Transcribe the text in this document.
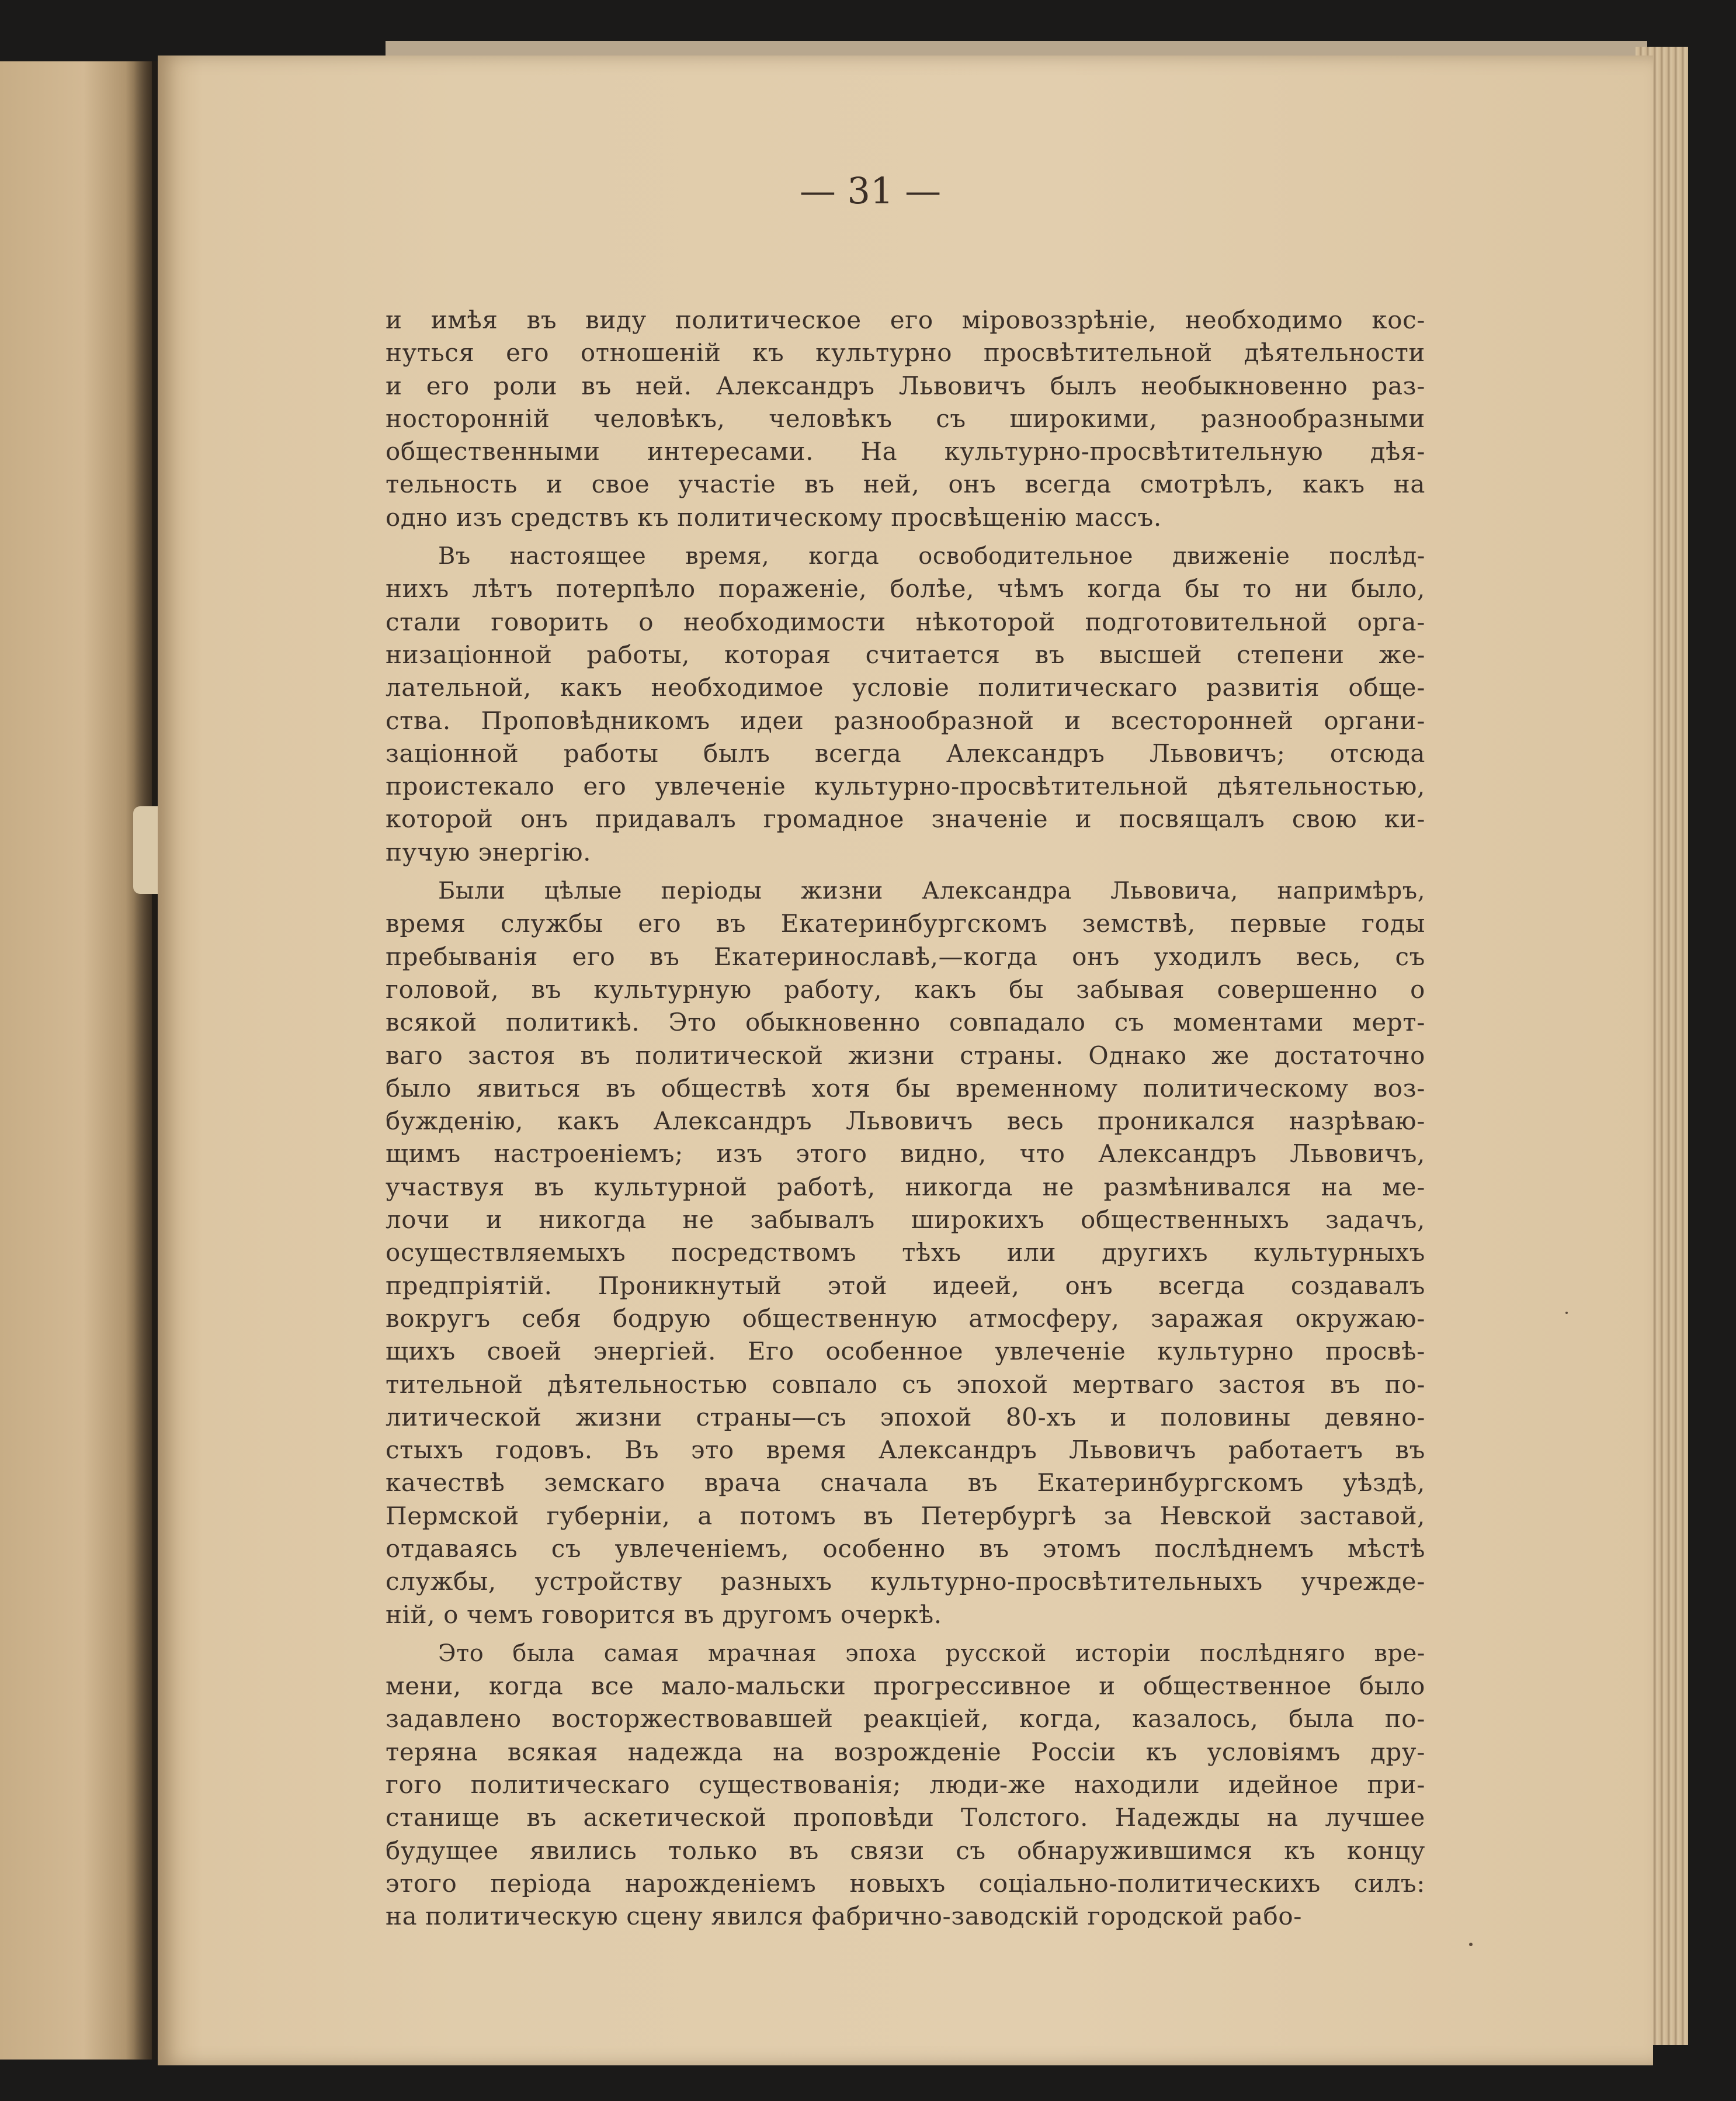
— 31 —
и имѣя въ виду политическое его міровоззрѣніе, необходимо кос-
нуться его отношеній къ культурно просвѣтительной дѣятельности
и его роли въ ней. Александръ Львовичъ былъ необыкновенно раз-
носторонній человѣкъ, человѣкъ съ широкими, разнообразными
общественными интересами. На культурно-просвѣтительную дѣя-
тельность и свое участіе въ ней, онъ всегда смотрѣлъ, какъ на
одно изъ средствъ къ политическому просвѣщенію массъ.
Въ настоящее время, когда освободительное движеніе послѣд-
нихъ лѣтъ потерпѣло пораженіе, болѣе, чѣмъ когда бы то ни было,
стали говорить о необходимости нѣкоторой подготовительной орга-
низаціонной работы, которая считается въ высшей степени же-
лательной, какъ необходимое условіе политическаго развитія обще-
ства. Проповѣдникомъ идеи разнообразной и всесторонней органи-
заціонной работы былъ всегда Александръ Львовичъ; отсюда
проистекало его увлеченіе культурно-просвѣтительной дѣятельностью,
которой онъ придавалъ громадное значеніе и посвящалъ свою ки-
пучую энергію.
Были цѣлые періоды жизни Александра Львовича, напримѣръ,
время службы его въ Екатеринбургскомъ земствѣ, первые годы
пребыванія его въ Екатеринославѣ,—когда онъ уходилъ весь, съ
головой, въ культурную работу, какъ бы забывая совершенно о
всякой политикѣ. Это обыкновенно совпадало съ моментами мерт-
ваго застоя въ политической жизни страны. Однако же достаточно
было явиться въ обществѣ хотя бы временному политическому воз-
бужденію, какъ Александръ Львовичъ весь проникался назрѣваю-
щимъ настроеніемъ; изъ этого видно, что Александръ Львовичъ,
участвуя въ культурной работѣ, никогда не размѣнивался на ме-
лочи и никогда не забывалъ широкихъ общественныхъ задачъ,
осуществляемыхъ посредствомъ тѣхъ или другихъ культурныхъ
предпріятій. Проникнутый этой идеей, онъ всегда создавалъ
вокругъ себя бодрую общественную атмосферу, заражая окружаю-
щихъ своей энергіей. Его особенное увлеченіе культурно просвѣ-
тительной дѣятельностью совпало съ эпохой мертваго застоя въ по-
литической жизни страны—съ эпохой 80-хъ и половины девяно-
стыхъ годовъ. Въ это время Александръ Львовичъ работаетъ въ
качествѣ земскаго врача сначала въ Екатеринбургскомъ уѣздѣ,
Пермской губерніи, а потомъ въ Петербургѣ за Невской заставой,
отдаваясь съ увлеченіемъ, особенно въ этомъ послѣднемъ мѣстѣ
службы, устройству разныхъ культурно-просвѣтительныхъ учрежде-
ній, о чемъ говорится въ другомъ очеркѣ.
Это была самая мрачная эпоха русской исторіи послѣдняго вре-
мени, когда все мало-мальски прогрессивное и общественное было
задавлено восторжествовавшей реакціей, когда, казалось, была по-
теряна всякая надежда на возрожденіе Россіи къ условіямъ дру-
гого политическаго существованія; люди-же находили идейное при-
станище въ аскетической проповѣди Толстого. Надежды на лучшее
будущее явились только въ связи съ обнаружившимся къ концу
этого періода нарожденіемъ новыхъ соціально-политическихъ силъ:
на политическую сцену явился фабрично-заводскій городской рабо-
